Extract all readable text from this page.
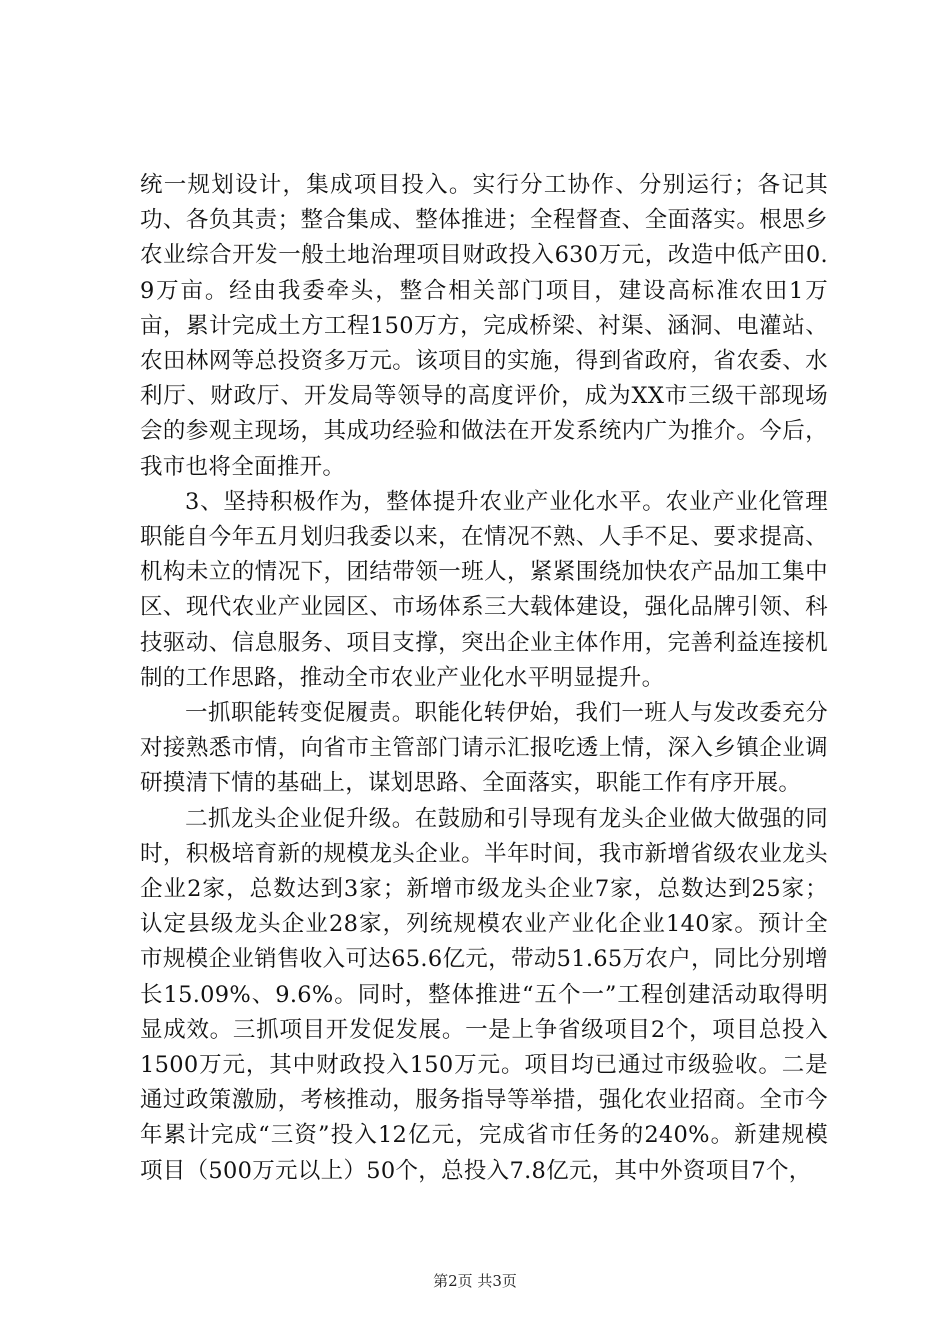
统一规划设计，集成项目投入。实行分工协作、分别运行；各记其功、各负其责；整合集成、整体推进；全程督查、全面落实。根思乡农业综合开发一般土地治理项目财政投入630万元，改造中低产田0.9万亩。经由我委牵头，整合相关部门项目，建设高标准农田1万亩，累计完成土方工程150万方，完成桥梁、衬渠、涵洞、电灌站、农田林网等总投资多万元。该项目的实施，得到省政府，省农委、水利厅、财政厅、开发局等领导的高度评价，成为XX市三级干部现场会的参观主现场，其成功经验和做法在开发系统内广为推介。今后，我市也将全面推开。

3、坚持积极作为，整体提升农业产业化水平。农业产业化管理职能自今年五月划归我委以来，在情况不熟、人手不足、要求提高、机构未立的情况下，团结带领一班人，紧紧围绕加快农产品加工集中区、现代农业产业园区、市场体系三大载体建设，强化品牌引领、科技驱动、信息服务、项目支撑，突出企业主体作用，完善利益连接机制的工作思路，推动全市农业产业化水平明显提升。

一抓职能转变促履责。职能化转伊始，我们一班人与发改委充分对接熟悉市情，向省市主管部门请示汇报吃透上情，深入乡镇企业调研摸清下情的基础上，谋划思路、全面落实，职能工作有序开展。

二抓龙头企业促升级。在鼓励和引导现有龙头企业做大做强的同时，积极培育新的规模龙头企业。半年时间，我市新增省级农业龙头企业2家，总数达到3家；新增市级龙头企业7家，总数达到25家；认定县级龙头企业28家，列统规模农业产业化企业140家。预计全市规模企业销售收入可达65.6亿元，带动51.65万农户，同比分别增长15.09%、9.6%。同时，整体推进“五个一”工程创建活动取得明显成效。三抓项目开发促发展。一是上争省级项目2个，项目总投入1500万元，其中财政投入150万元。项目均已通过市级验收。二是通过政策激励，考核推动，服务指导等举措，强化农业招商。全市今年累计完成“三资”投入12亿元，完成省市任务的240%。新建规模项目（500万元以上）50个，总投入7.8亿元，其中外资项目7个，

第2页 共3页
